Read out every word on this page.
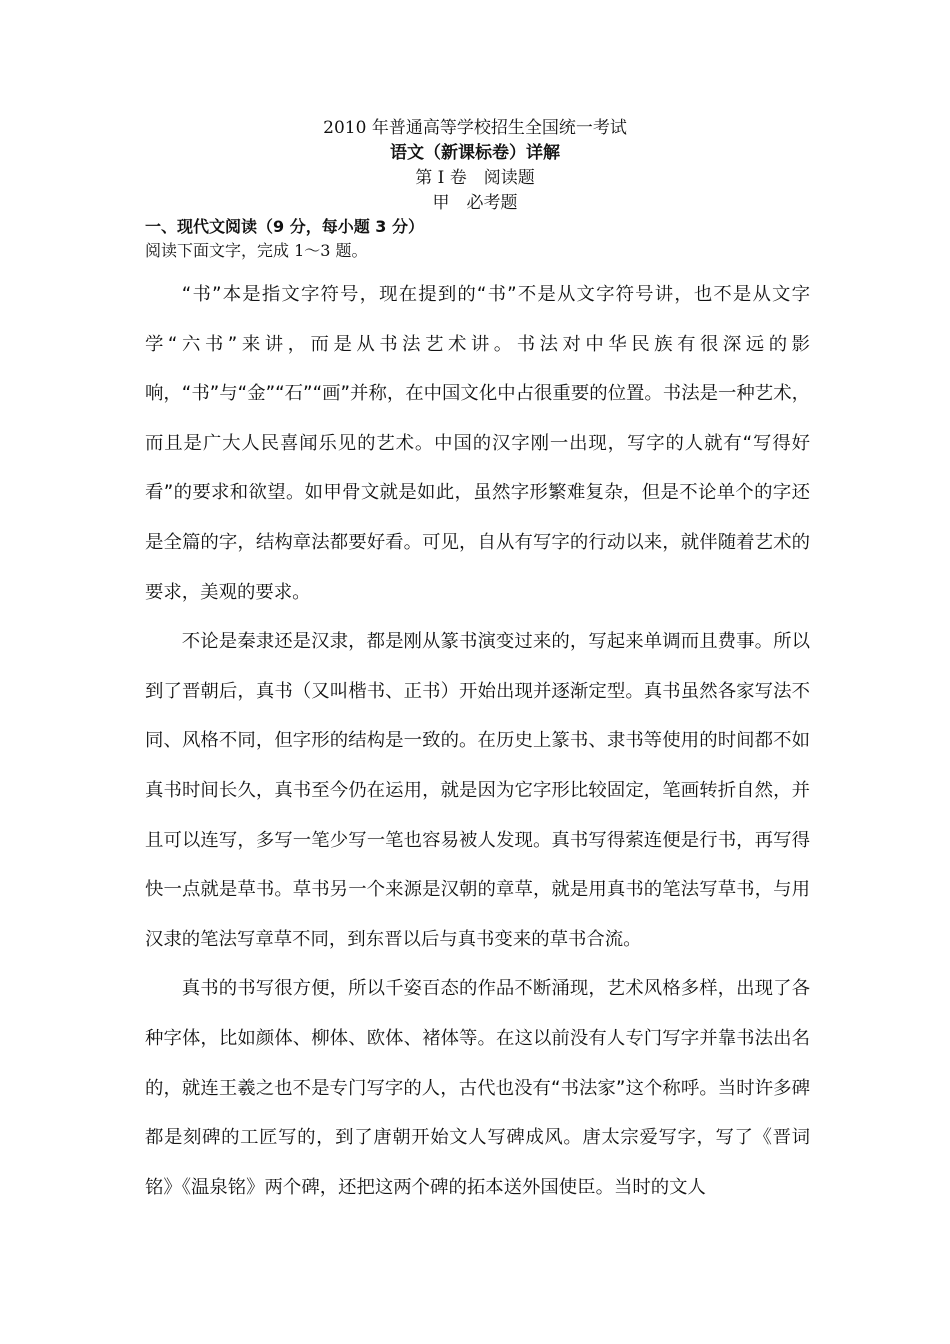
2010 年普通高等学校招生全国统一考试
语文（新课标卷）详解
第 I 卷　阅读题
甲　必考题
一、现代文阅读（9 分，每小题 3 分）
阅读下面文字，完成 1～3 题。

“书”本是指文字符号，现在提到的“书”不是从文字符号讲，也不是从文字学“六书”来讲，而是从书法艺术讲。书法对中华民族有很深远的影响，“书”与“金”“石”“画”并称，在中国文化中占很重要的位置。书法是一种艺术，而且是广大人民喜闻乐见的艺术。中国的汉字刚一出现，写字的人就有“写得好看”的要求和欲望。如甲骨文就是如此，虽然字形繁难复杂，但是不论单个的字还是全篇的字，结构章法都要好看。可见，自从有写字的行动以来，就伴随着艺术的要求，美观的要求。

不论是秦隶还是汉隶，都是刚从篆书演变过来的，写起来单调而且费事。所以到了晋朝后，真书（又叫楷书、正书）开始出现并逐渐定型。真书虽然各家写法不同、风格不同，但字形的结构是一致的。在历史上篆书、隶书等使用的时间都不如真书时间长久，真书至今仍在运用，就是因为它字形比较固定，笔画转折自然，并且可以连写，多写一笔少写一笔也容易被人发现。真书写得萦连便是行书，再写得快一点就是草书。草书另一个来源是汉朝的章草，就是用真书的笔法写草书，与用汉隶的笔法写章草不同，到东晋以后与真书变来的草书合流。

真书的书写很方便，所以千姿百态的作品不断涌现，艺术风格多样，出现了各种字体，比如颜体、柳体、欧体、褚体等。在这以前没有人专门写字并靠书法出名的，就连王羲之也不是专门写字的人，古代也没有“书法家”这个称呼。当时许多碑都是刻碑的工匠写的，到了唐朝开始文人写碑成风。唐太宗爱写字，写了《晋词铭》《温泉铭》两个碑，还把这两个碑的拓本送外国使臣。当时的文人
